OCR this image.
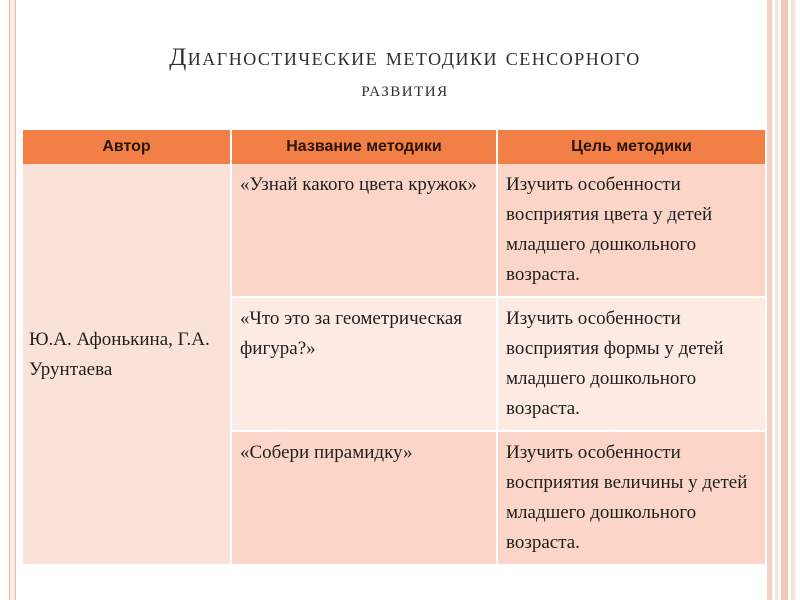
Диагностические методики сенсорного
развития
Автор	Название методики	Цель методики
Ю.А. Афонькина, Г.А. Урунтаева	«Узнай какого цвета кружок»	Изучить особенности восприятия цвета у детей младшего дошкольного возраста.
	«Что это за геометрическая фигура?»	Изучить особенности восприятия формы у детей младшего дошкольного возраста.
	«Собери пирамидку»	Изучить особенности восприятия величины у детей младшего дошкольного возраста.
